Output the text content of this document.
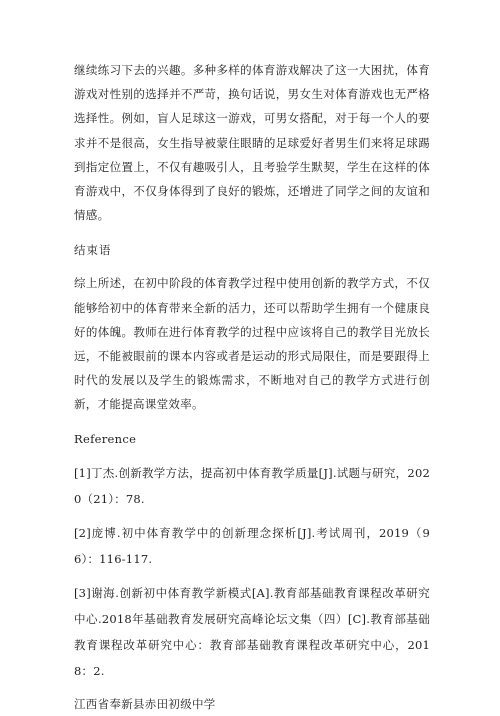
继续练习下去的兴趣。多种多样的体育游戏解决了这一大困扰，体育游戏对性别的选择并不严苛，换句话说，男女生对体育游戏也无严格选择性。例如，盲人足球这一游戏，可男女搭配，对于每一个人的要求并不是很高，女生指导被蒙住眼睛的足球爱好者男生们来将足球踢到指定位置上，不仅有趣吸引人，且考验学生默契，学生在这样的体育游戏中，不仅身体得到了良好的锻炼，还增进了同学之间的友谊和情感。

结束语

综上所述，在初中阶段的体育教学过程中使用创新的教学方式，不仅能够给初中的体育带来全新的活力，还可以帮助学生拥有一个健康良好的体魄。教师在进行体育教学的过程中应该将自己的教学目光放长远，不能被眼前的课本内容或者是运动的形式局限住，而是要跟得上时代的发展以及学生的锻炼需求，不断地对自己的教学方式进行创新，才能提高课堂效率。

Reference

[1]丁杰.创新教学方法，提高初中体育教学质量[J].试题与研究，2020（21）：78.

[2]庞博.初中体育教学中的创新理念探析[J].考试周刊，2019（96）：116-117.

[3]谢海.创新初中体育教学新模式[A].教育部基础教育课程改革研究中心.2018年基础教育发展研究高峰论坛文集（四）[C].教育部基础教育课程改革研究中心：教育部基础教育课程改革研究中心，2018：2.

江西省奉新县赤田初级中学
